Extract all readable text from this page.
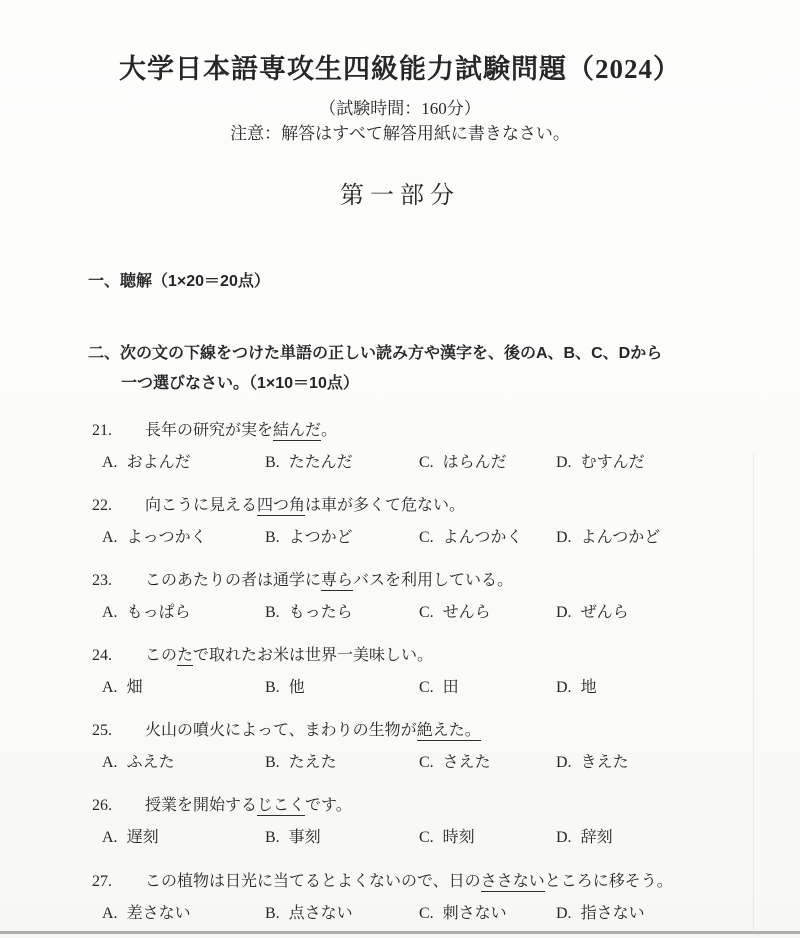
大学日本語専攻生四級能力試験問題（2024）
（試験時間：160分）
注意：解答はすべて解答用紙に書きなさい。
第一部分
一、聴解（1×20＝20点）
二、次の文の下線をつけた単語の正しい読み方や漢字を、後のA、B、C、Dから
一つ選びなさい。（1×10＝10点）
21. 長年の研究が実を結んだ。
A. およんだ	B. たたんだ	C. はらんだ	D. むすんだ
22. 向こうに見える四つ角は車が多くて危ない。
A. よっつかく	B. よつかど	C. よんつかく D. よんつかど
23. このあたりの者は通学に専らバスを利用している。
A. もっぱら	B. もったら	C. せんら	D. ぜんら
24. このたで取れたお米は世界一美味しい。
A. 畑	B. 他	C. 田	D. 地
25. 火山の噴火によって、まわりの生物が絶えた。
A. ふえた	B. たえた	C. さえた	D. きえた
26. 授業を開始するじこくです。
A. 遅刻	B. 事刻	C. 時刻	D. 辞刻
27. この植物は日光に当てるとよくないので、日のささないところに移そう。
A. 差さない	B. 点さない	C. 刺さない	D. 指さない
